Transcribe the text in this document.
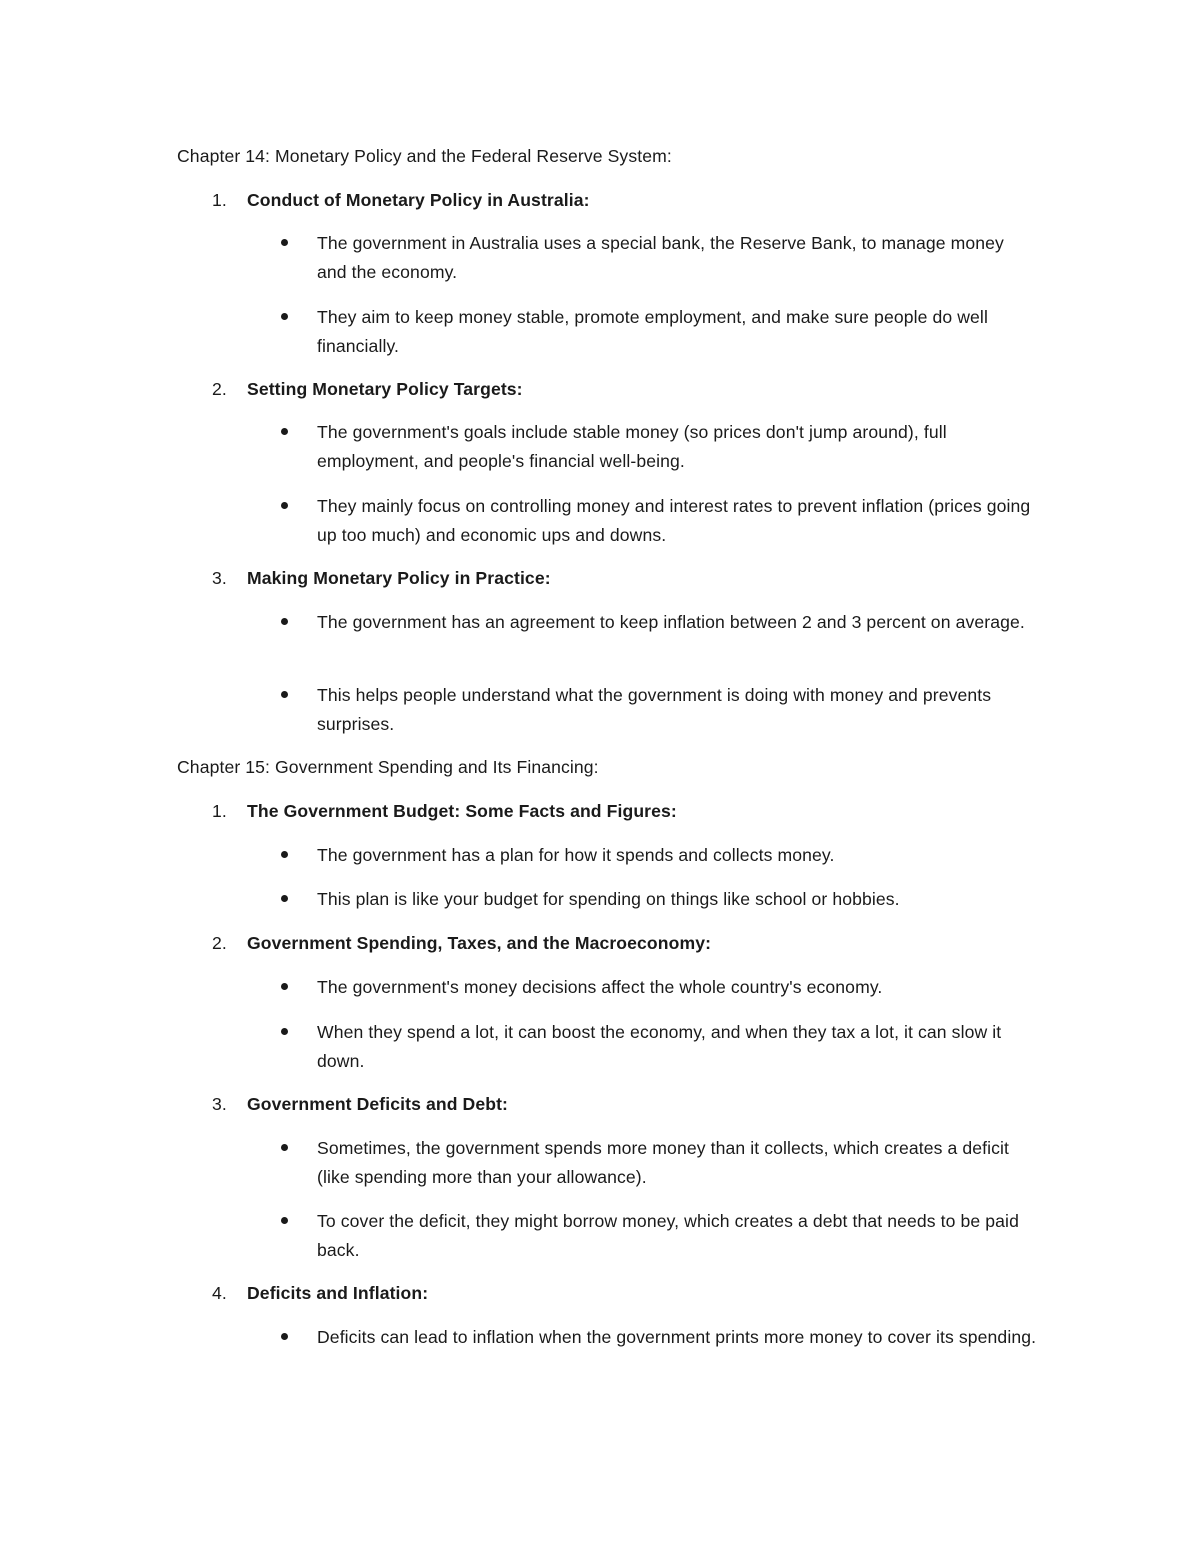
Chapter 14: Monetary Policy and the Federal Reserve System:
1. Conduct of Monetary Policy in Australia:

The government in Australia uses a special bank, the Reserve Bank, to manage money and the economy.

They aim to keep money stable, promote employment, and make sure people do well financially.

2. Setting Monetary Policy Targets:

The government's goals include stable money (so prices don't jump around), full employment, and people's financial well-being.

They mainly focus on controlling money and interest rates to prevent inflation (prices going up too much) and economic ups and downs.

3. Making Monetary Policy in Practice:

The government has an agreement to keep inflation between 2 and 3 percent on average.

This helps people understand what the government is doing with money and prevents surprises.

Chapter 15: Government Spending and Its Financing:
1. The Government Budget: Some Facts and Figures:

The government has a plan for how it spends and collects money.

This plan is like your budget for spending on things like school or hobbies.

2. Government Spending, Taxes, and the Macroeconomy:

The government's money decisions affect the whole country's economy.

When they spend a lot, it can boost the economy, and when they tax a lot, it can slow it down.

3. Government Deficits and Debt:

Sometimes, the government spends more money than it collects, which creates a deficit (like spending more than your allowance).

To cover the deficit, they might borrow money, which creates a debt that needs to be paid back.

4. Deficits and Inflation:

Deficits can lead to inflation when the government prints more money to cover its spending.
